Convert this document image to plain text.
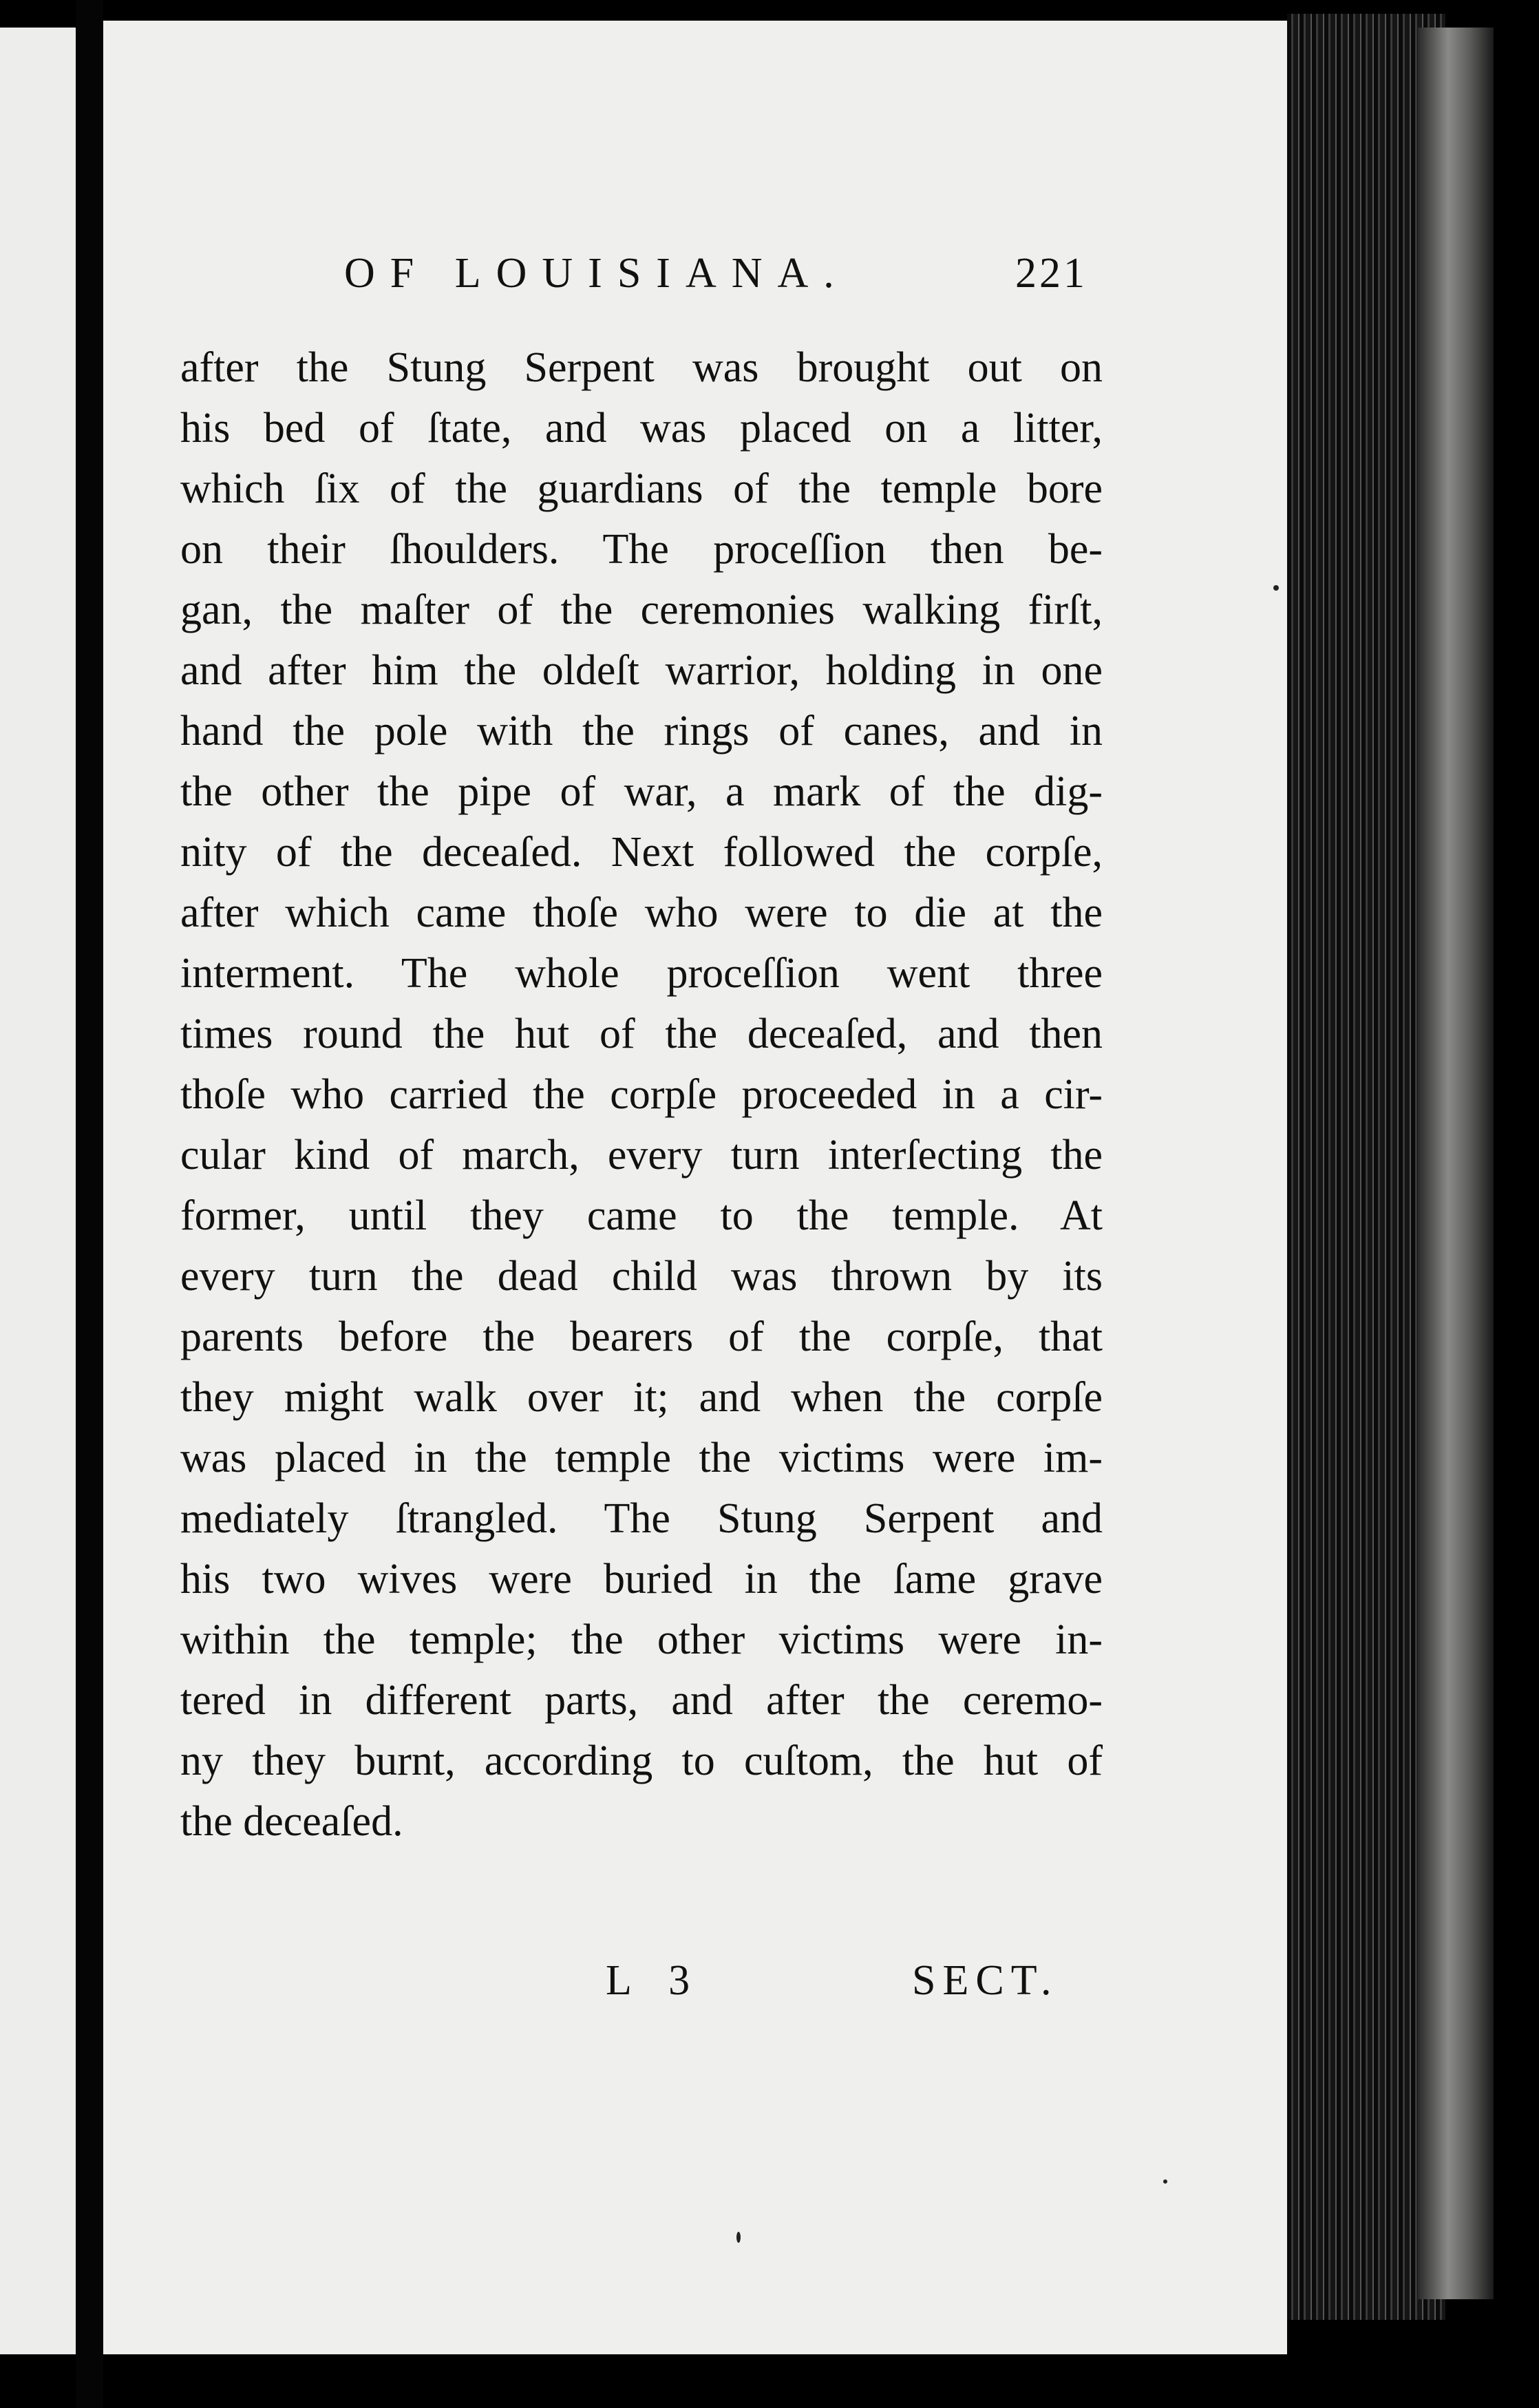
OF LOUISIANA.	221
after the Stung Serpent was brought out on
his bed of ſtate, and was placed on a litter,
which ſix of the guardians of the temple bore
on their ſhoulders. The proceſſion then be-
gan, the maſter of the ceremonies walking firſt,
and after him the oldeſt warrior, holding in one
hand the pole with the rings of canes, and in
the other the pipe of war, a mark of the dig-
nity of the deceaſed. Next followed the corpſe,
after which came thoſe who were to die at the
interment. The whole proceſſion went three
times round the hut of the deceaſed, and then
thoſe who carried the corpſe proceeded in a cir-
cular kind of march, every turn interſecting the
former, until they came to the temple. At
every turn the dead child was thrown by its
parents before the bearers of the corpſe, that
they might walk over it; and when the corpſe
was placed in the temple the victims were im-
mediately ſtrangled. The Stung Serpent and
his two wives were buried in the ſame grave
within the temple; the other victims were in-
tered in different parts, and after the ceremo-
ny they burnt, according to cuſtom, the hut of
the deceaſed.
L 3	SECT.
